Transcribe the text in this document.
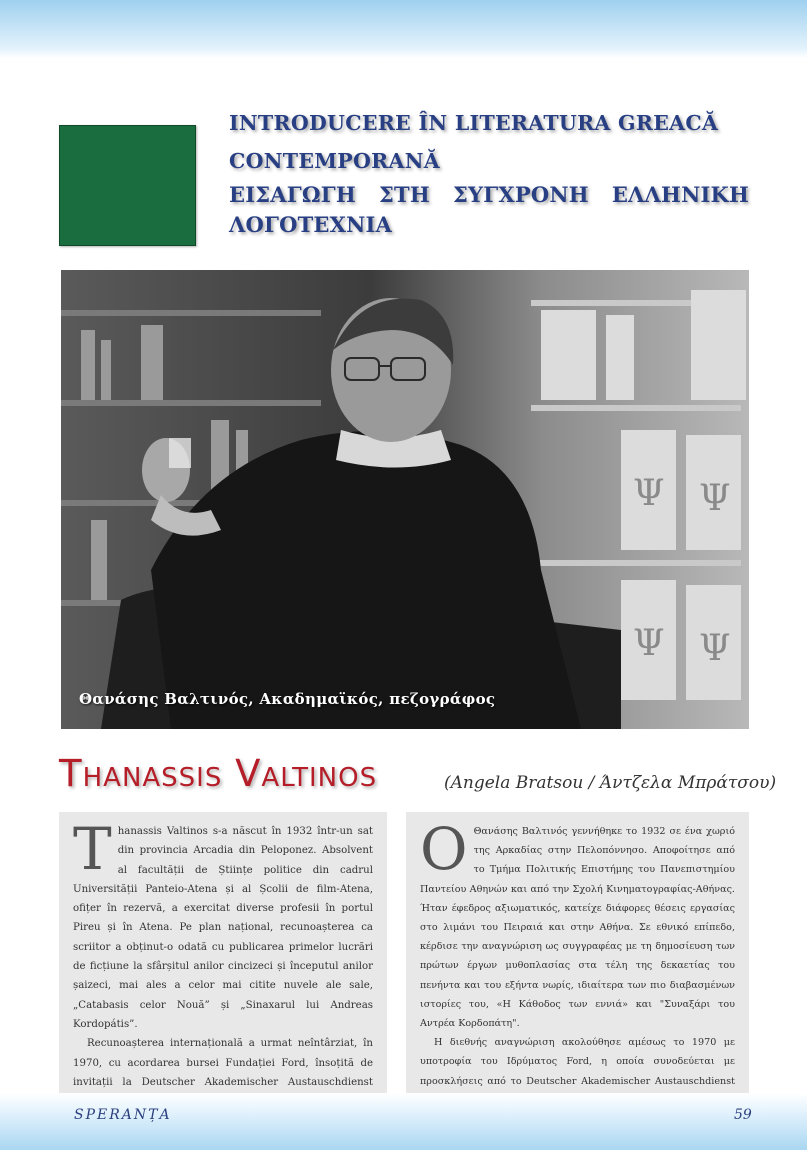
INTRODUCERE ÎN LITERATURA GREACĂ
CONTEMPORANĂ
ΕΙΣΑΓΩΓΗ ΣΤΗ ΣΥΓΧΡΟΝΗ ΕΛΛΗΝΙΚΗ ΛΟΓΟΤΕΧΝΙΑ
Ψ Ψ
Ψ Ψ
Θανάσης Βαλτινός, Ακαδημαϊκός, πεζογράφος
Thanassis Valtinos	(Angela Bratsou / Άντζελα Μπράτσου)

Thanassis Valtinos s-a născut în 1932 într-un sat din provincia Arcadia din Peloponez. Absolvent al facultății de Științe politice din cadrul Universității Panteio-Atena și al Școlii de film-Atena, ofițer în rezervă, a exercitat diverse profesii în portul Pireu și în Atena. Pe plan național, recunoașterea ca scriitor a obținut-o odată cu publicarea primelor lucrări de ficțiune la sfârșitul anilor cincizeci și începutul anilor șaizeci, mai ales a celor mai citite nuvele ale sale, „Catabasis celor Nouă” și „Sinaxarul lui Andreas Kordopátis”.

Recunoașterea internațională a urmat neîntârziat, în 1970, cu acordarea bursei Fundației Ford, însoțită de invitații la Deutscher Akademischer Austauschdienst

Ο Θανάσης Βαλτινός γεννήθηκε το 1932 σε ένα χωριό της Αρκαδίας στην Πελοπόννησο. Αποφοίτησε από το Τμήμα Πολιτικής Επιστήμης του Πανεπιστημίου Παντείου Αθηνών και από την Σχολή Κινηματογραφίας-Αθήνας. Ήταν έφεδρος αξιωματικός, κατείχε διάφορες θέσεις εργασίας στο λιμάνι του Πειραιά και στην Αθήνα. Σε εθνικό επίπεδο, κέρδισε την αναγνώριση ως συγγραφέας με τη δημοσίευση των πρώτων έργων μυθοπλασίας στα τέλη της δεκαετίας του πενήντα και του εξήντα νωρίς, ιδιαίτερα των πιο διαβασμένων ιστορίες του, «Η Κάθοδος των εννιά» και "Συναξάρι του Αντρέα Κορδοπάτη".

Η διεθνής αναγνώριση ακολούθησε αμέσως το 1970 με υποτροφία του Ιδρύματος Ford, η οποία συνοδεύεται με προσκλήσεις από το Deutscher Akademischer Austauschdienst

SPERANȚA	59
